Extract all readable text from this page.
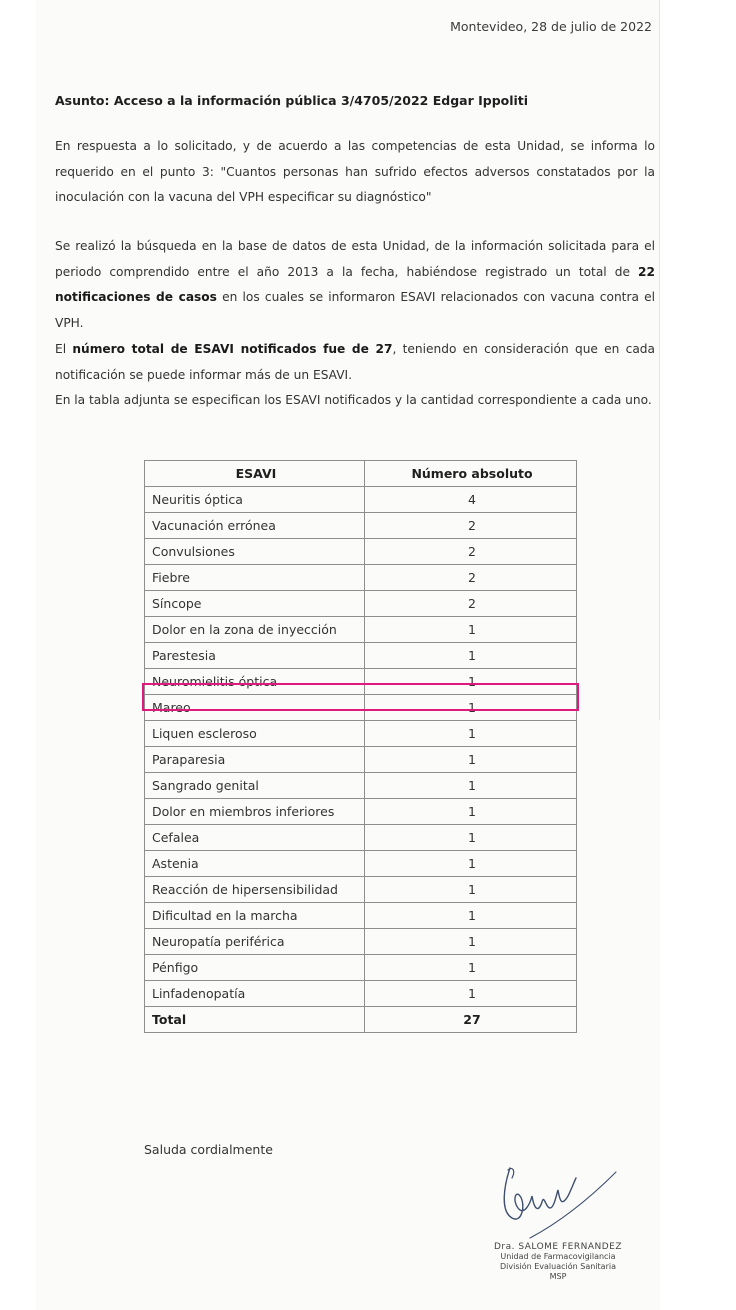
Montevideo, 28 de julio de 2022
Asunto: Acceso a la información pública 3/4705/2022 Edgar Ippoliti
En respuesta a lo solicitado, y de acuerdo a las competencias de esta Unidad, se informa lo requerido en el punto 3: "Cuantos personas han sufrido efectos adversos constatados por la inoculación con la vacuna del VPH especificar su diagnóstico"
Se realizó la búsqueda en la base de datos de esta Unidad, de la información solicitada para el periodo comprendido entre el año 2013 a la fecha, habiéndose registrado un total de 22 notificaciones de casos en los cuales se informaron ESAVI relacionados con vacuna contra el VPH.
El número total de ESAVI notificados fue de 27, teniendo en consideración que en cada notificación se puede informar más de un ESAVI.
En la tabla adjunta se especifican los ESAVI notificados y la cantidad correspondiente a cada uno.
ESAVI	Número absoluto
Neuritis óptica	4
Vacunación errónea	2
Convulsiones	2
Fiebre	2
Síncope	2
Dolor en la zona de inyección	1
Parestesia	1
Neuromielitis óptica	1
Mareo	1
Liquen escleroso	1
Paraparesia	1
Sangrado genital	1
Dolor en miembros inferiores	1
Cefalea	1
Astenia	1
Reacción de hipersensibilidad	1
Dificultad en la marcha	1
Neuropatía periférica	1
Pénfigo	1
Linfadenopatía	1
Total	27
Saluda cordialmente
Dra. SALOME FERNANDEZ
Unidad de Farmacovigilancia
División Evaluación Sanitaria
MSP
